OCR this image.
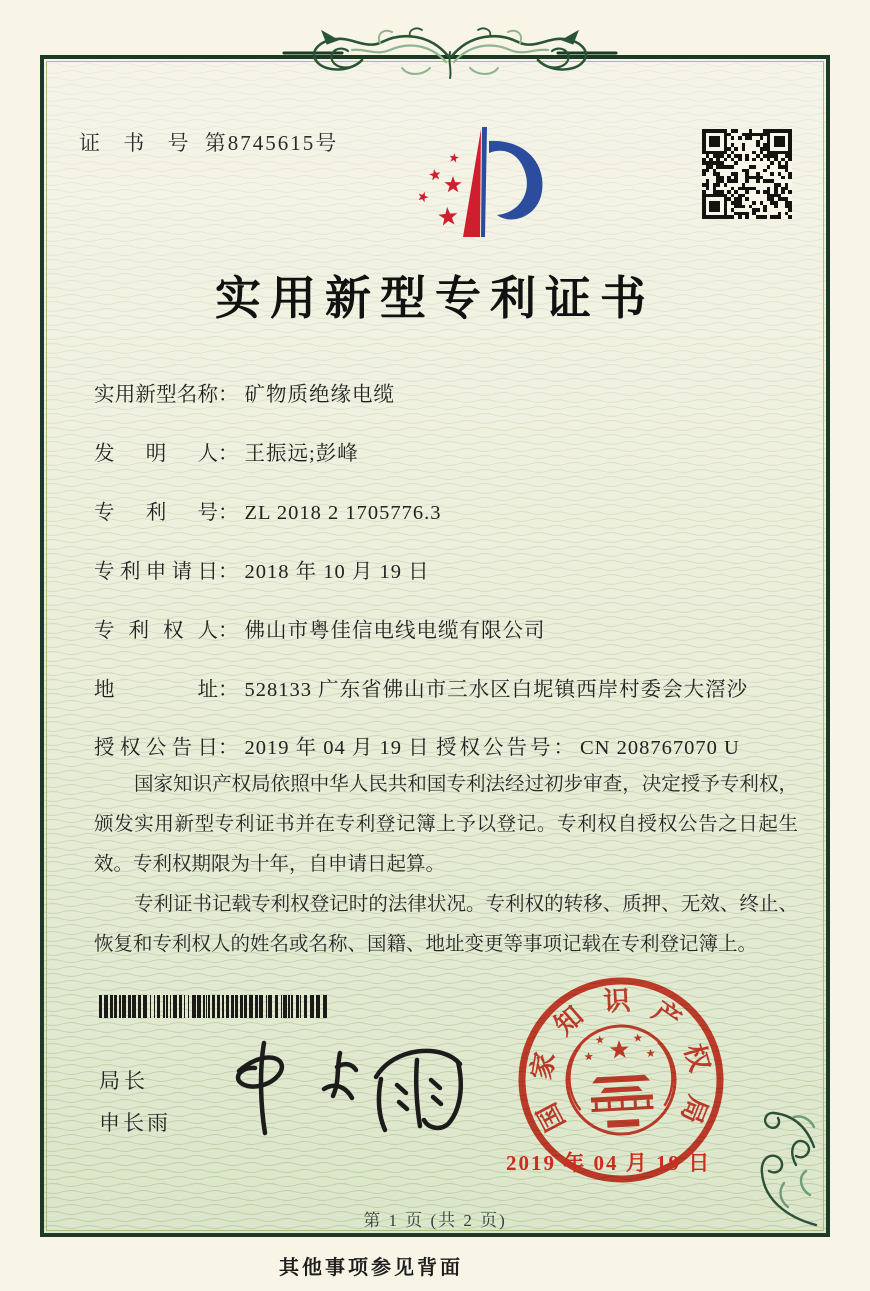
证 书 号 第8745615号
实用新型专利证书
实用新型名称： 矿物质绝缘电缆
发明人： 王振远;彭峰
专利号： ZL 2018 2 1705776.3
专利申请日： 2018 年 10 月 19 日
专利权人： 佛山市粤佳信电线电缆有限公司
地址： 528133 广东省佛山市三水区白坭镇西岸村委会大滘沙
授权公告日： 2019 年 04 月 19 日 授权公告号： CN 208767070 U

国家知识产权局依照中华人民共和国专利法经过初步审查，决定授予专利权，颁发实用新型专利证书并在专利登记簿上予以登记。专利权自授权公告之日起生效。专利权期限为十年，自申请日起算。

专利证书记载专利权登记时的法律状况。专利权的转移、质押、无效、终止、恢复和专利权人的姓名或名称、国籍、地址变更等事项记载在专利登记簿上。

局长
申长雨	国
家
知 识 产
权
局
2019 年 04 月 19 日
第 1 页 (共 2 页)
其他事项参见背面
